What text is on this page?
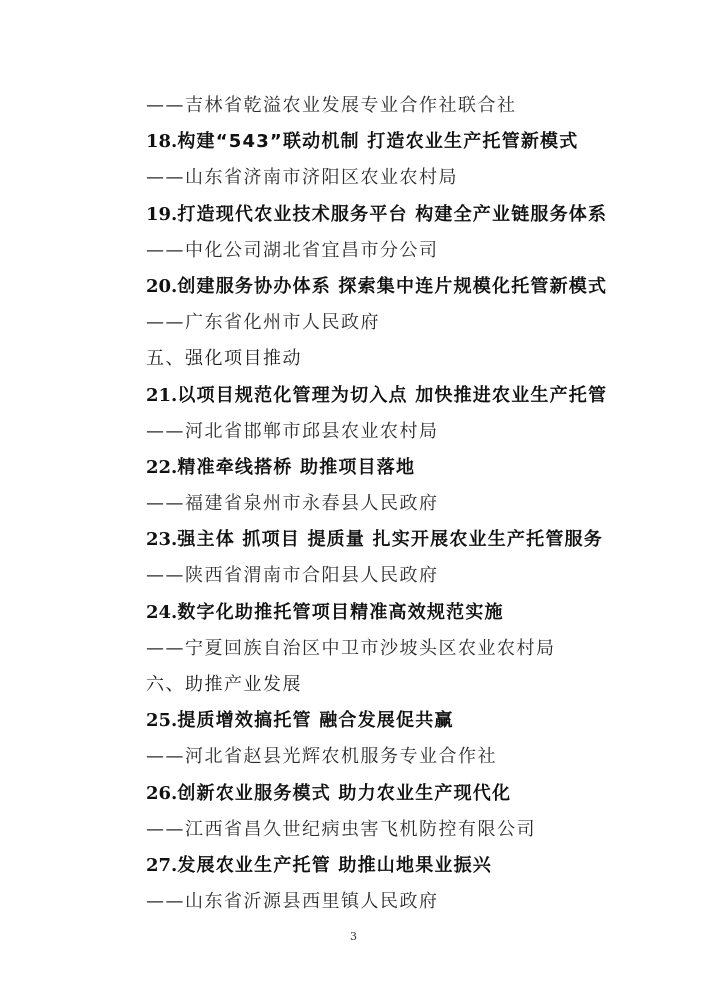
——吉林省乾溢农业发展专业合作社联合社
18.构建“543”联动机制 打造农业生产托管新模式
——山东省济南市济阳区农业农村局
19.打造现代农业技术服务平台 构建全产业链服务体系
——中化公司湖北省宜昌市分公司
20.创建服务协办体系 探索集中连片规模化托管新模式
——广东省化州市人民政府
五、强化项目推动
21.以项目规范化管理为切入点 加快推进农业生产托管
——河北省邯郸市邱县农业农村局
22.精准牵线搭桥 助推项目落地
——福建省泉州市永春县人民政府
23.强主体 抓项目 提质量 扎实开展农业生产托管服务
——陕西省渭南市合阳县人民政府
24.数字化助推托管项目精准高效规范实施
——宁夏回族自治区中卫市沙坡头区农业农村局
六、助推产业发展
25.提质增效搞托管 融合发展促共赢
——河北省赵县光辉农机服务专业合作社
26.创新农业服务模式 助力农业生产现代化
——江西省昌久世纪病虫害飞机防控有限公司
27.发展农业生产托管 助推山地果业振兴
——山东省沂源县西里镇人民政府
3
